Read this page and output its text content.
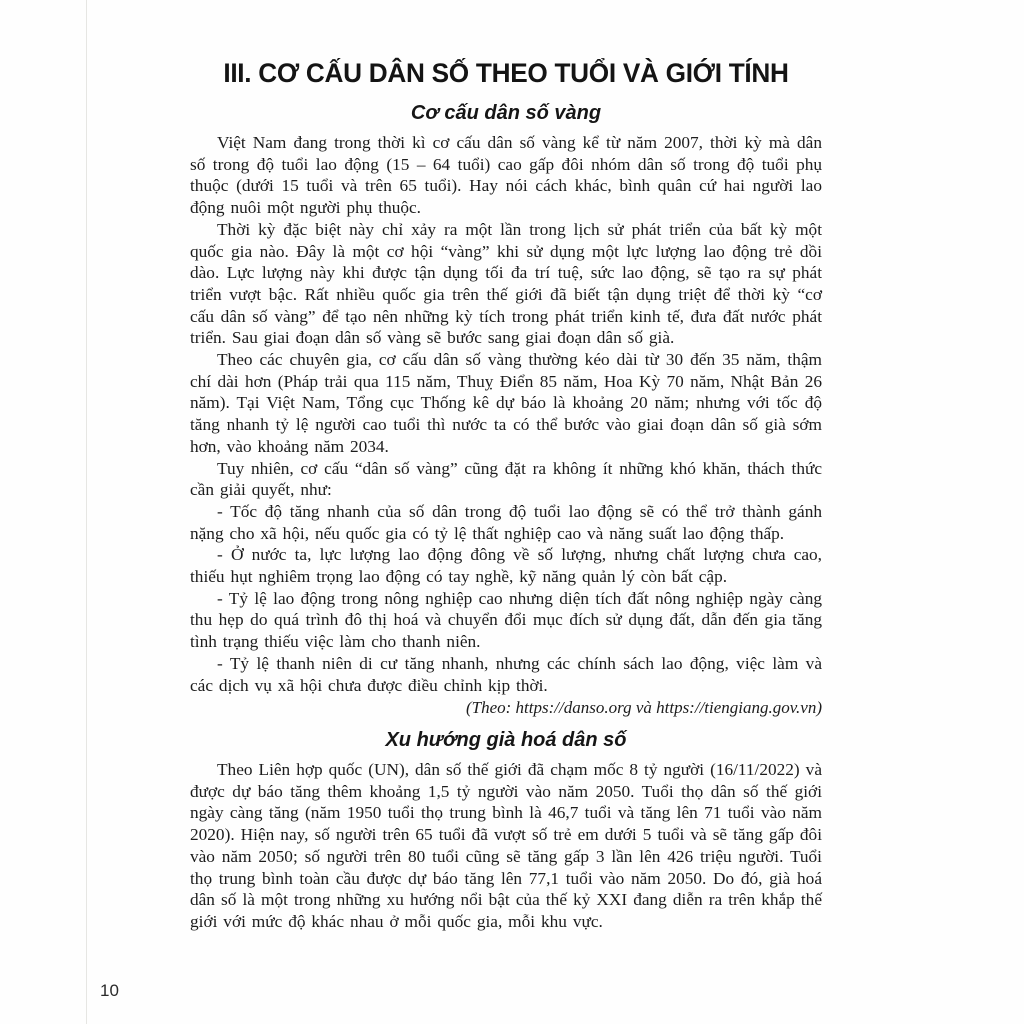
III. CƠ CẤU DÂN SỐ THEO TUỔI VÀ GIỚI TÍNH
Cơ cấu dân số vàng

Việt Nam đang trong thời kì cơ cấu dân số vàng kể từ năm 2007, thời kỳ mà dân số trong độ tuổi lao động (15 – 64 tuổi) cao gấp đôi nhóm dân số trong độ tuổi phụ thuộc (dưới 15 tuổi và trên 65 tuổi). Hay nói cách khác, bình quân cứ hai người lao động nuôi một người phụ thuộc.

Thời kỳ đặc biệt này chỉ xảy ra một lần trong lịch sử phát triển của bất kỳ một quốc gia nào. Đây là một cơ hội “vàng” khi sử dụng một lực lượng lao động trẻ dồi dào. Lực lượng này khi được tận dụng tối đa trí tuệ, sức lao động, sẽ tạo ra sự phát triển vượt bậc. Rất nhiều quốc gia trên thế giới đã biết tận dụng triệt để thời kỳ “cơ cấu dân số vàng” để tạo nên những kỳ tích trong phát triển kinh tế, đưa đất nước phát triển. Sau giai đoạn dân số vàng sẽ bước sang giai đoạn dân số già.

Theo các chuyên gia, cơ cấu dân số vàng thường kéo dài từ 30 đến 35 năm, thậm chí dài hơn (Pháp trải qua 115 năm, Thuỵ Điển 85 năm, Hoa Kỳ 70 năm, Nhật Bản 26 năm). Tại Việt Nam, Tổng cục Thống kê dự báo là khoảng 20 năm; nhưng với tốc độ tăng nhanh tỷ lệ người cao tuổi thì nước ta có thể bước vào giai đoạn dân số già sớm hơn, vào khoảng năm 2034.

Tuy nhiên, cơ cấu “dân số vàng” cũng đặt ra không ít những khó khăn, thách thức cần giải quyết, như:

- Tốc độ tăng nhanh của số dân trong độ tuổi lao động sẽ có thể trở thành gánh nặng cho xã hội, nếu quốc gia có tỷ lệ thất nghiệp cao và năng suất lao động thấp.

- Ở nước ta, lực lượng lao động đông về số lượng, nhưng chất lượng chưa cao, thiếu hụt nghiêm trọng lao động có tay nghề, kỹ năng quản lý còn bất cập.

- Tỷ lệ lao động trong nông nghiệp cao nhưng diện tích đất nông nghiệp ngày càng thu hẹp do quá trình đô thị hoá và chuyển đổi mục đích sử dụng đất, dẫn đến gia tăng tình trạng thiếu việc làm cho thanh niên.

- Tỷ lệ thanh niên di cư tăng nhanh, nhưng các chính sách lao động, việc làm và các dịch vụ xã hội chưa được điều chỉnh kịp thời.

(Theo: https://danso.org và https://tiengiang.gov.vn)

Xu hướng già hoá dân số

Theo Liên hợp quốc (UN), dân số thế giới đã chạm mốc 8 tỷ người (16/11/2022) và được dự báo tăng thêm khoảng 1,5 tỷ người vào năm 2050. Tuổi thọ dân số thế giới ngày càng tăng (năm 1950 tuổi thọ trung bình là 46,7 tuổi và tăng lên 71 tuổi vào năm 2020). Hiện nay, số người trên 65 tuổi đã vượt số trẻ em dưới 5 tuổi và sẽ tăng gấp đôi vào năm 2050; số người trên 80 tuổi cũng sẽ tăng gấp 3 lần lên 426 triệu người. Tuổi thọ trung bình toàn cầu được dự báo tăng lên 77,1 tuổi vào năm 2050. Do đó, già hoá dân số là một trong những xu hướng nổi bật của thế kỷ XXI đang diễn ra trên khắp thế giới với mức độ khác nhau ở mỗi quốc gia, mỗi khu vực.

10
